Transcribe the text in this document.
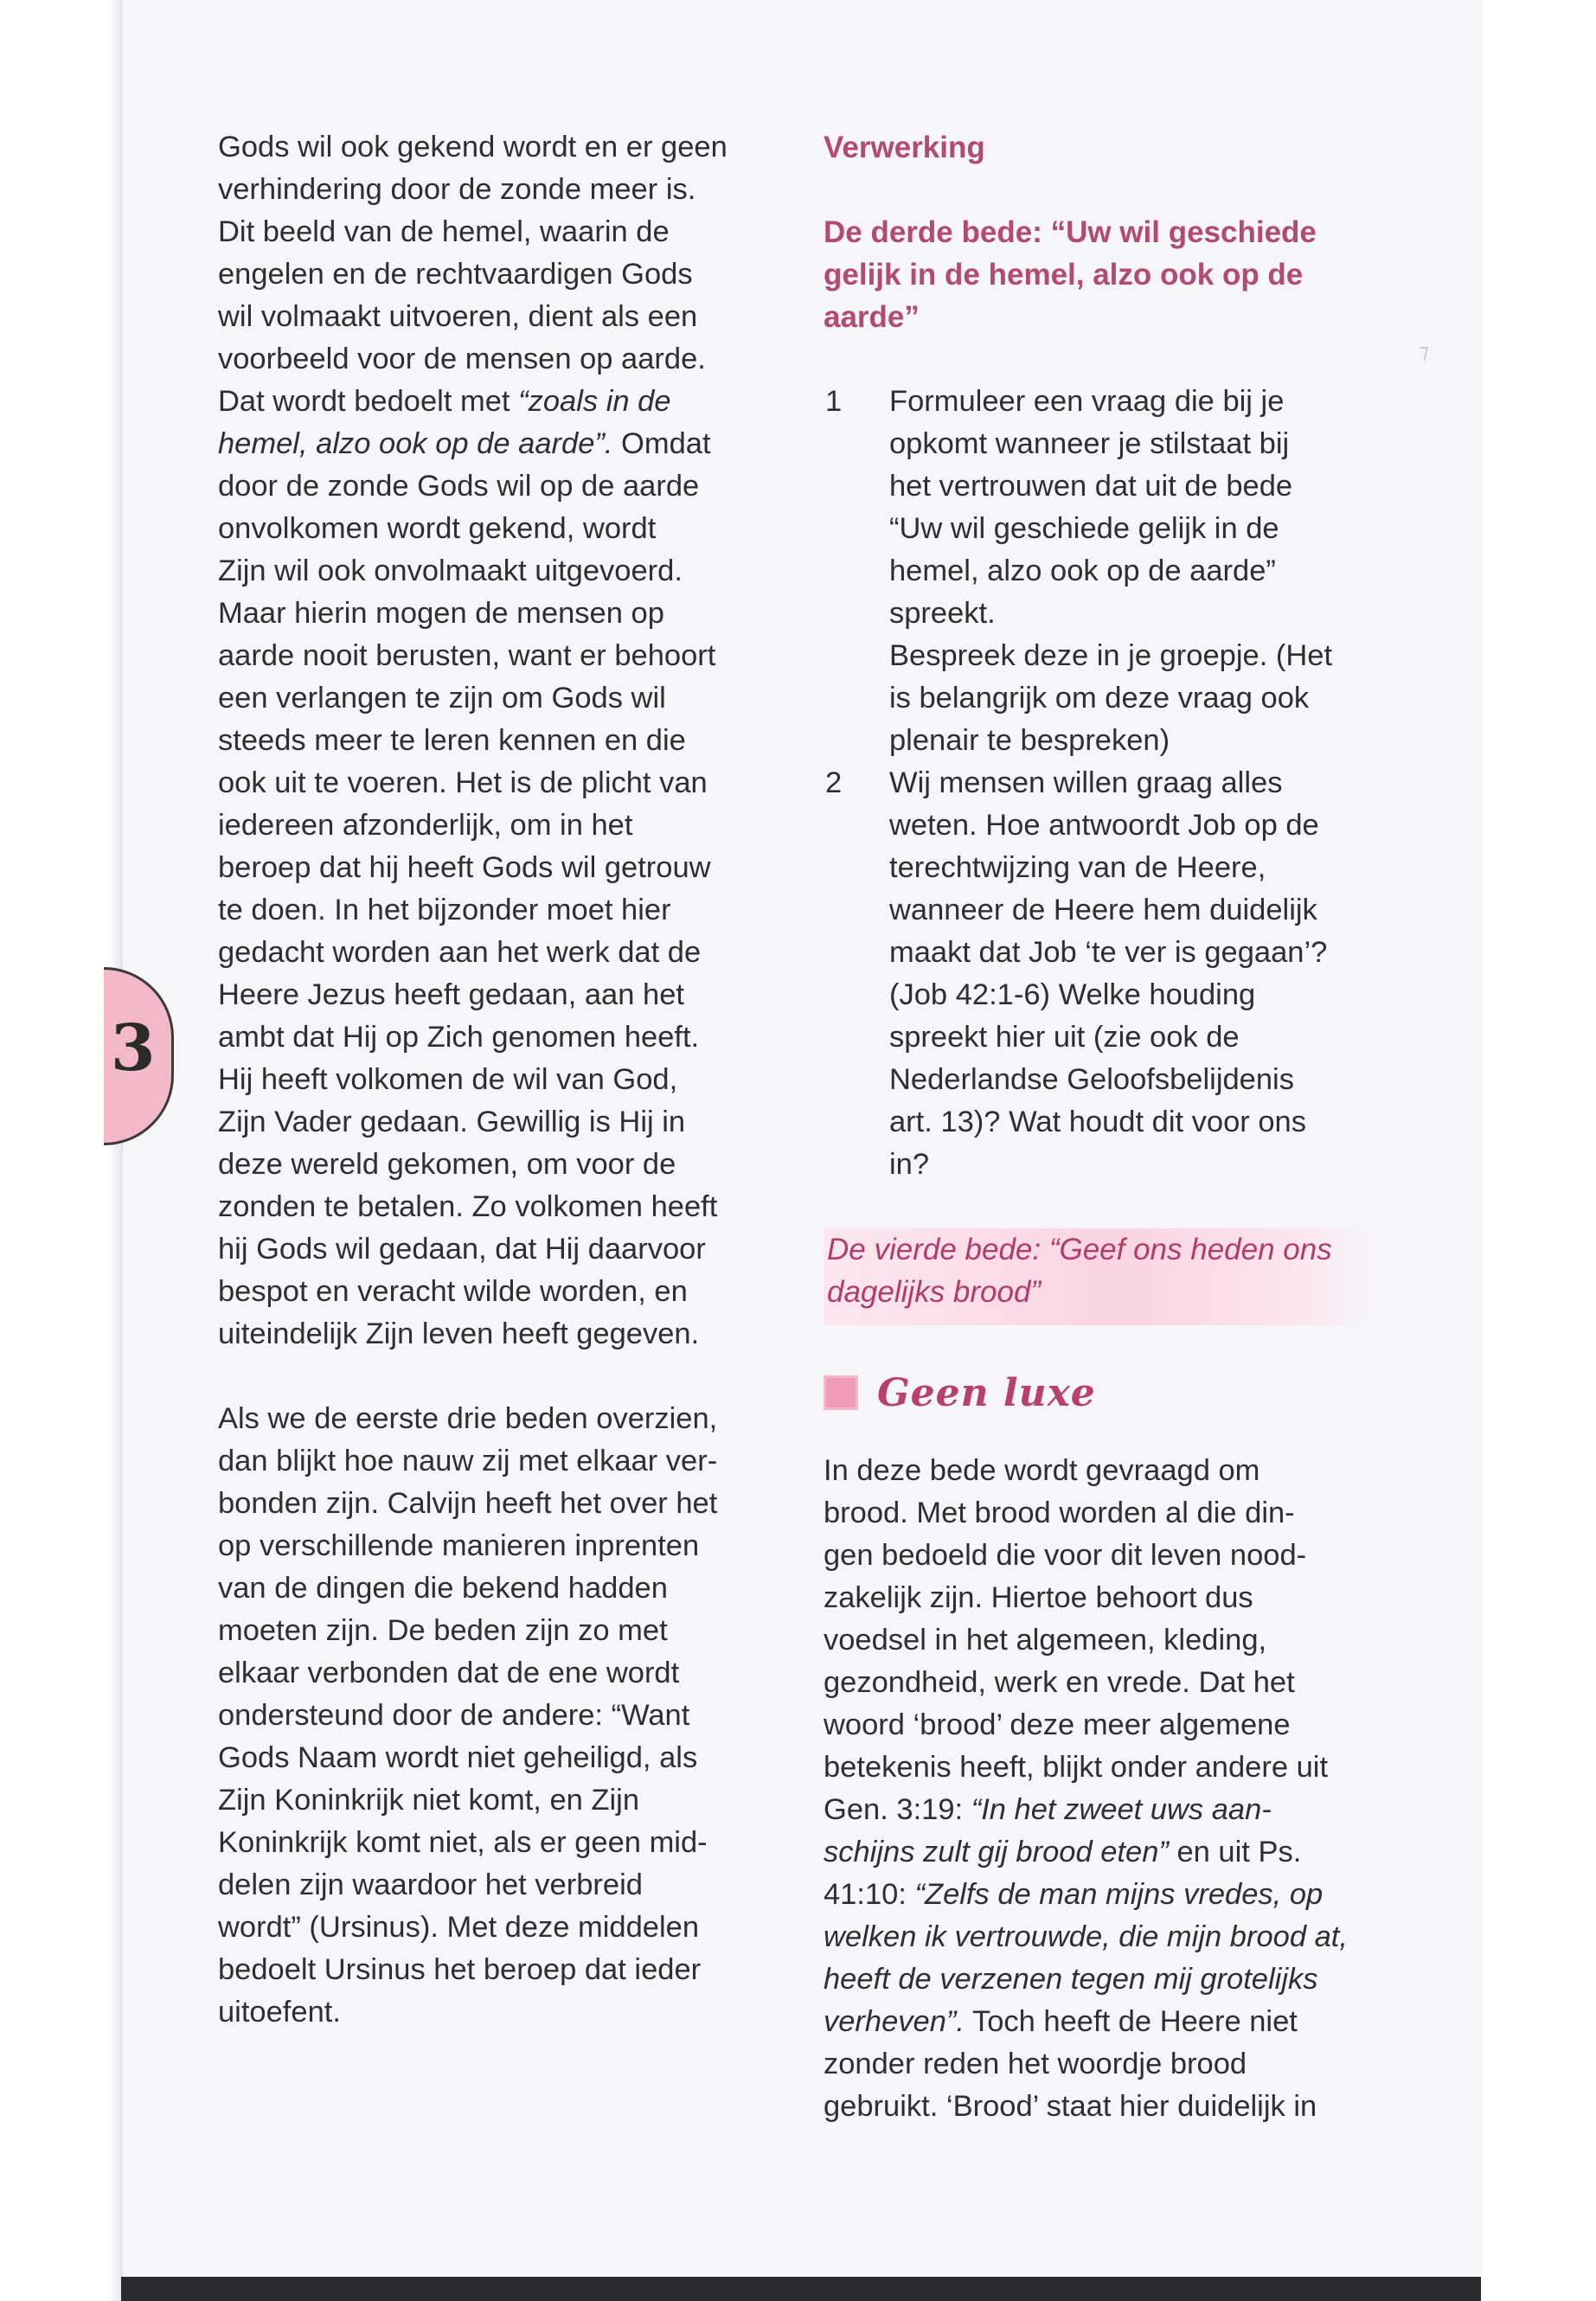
3
⁊

Gods wil ook gekend wordt en er geen

verhindering door de zonde meer is.

Dit beeld van de hemel, waarin de

engelen en de rechtvaardigen Gods

wil volmaakt uitvoeren, dient als een

voorbeeld voor de mensen op aarde.

Dat wordt bedoelt met “zoals in de

hemel, alzo ook op de aarde”. Omdat

door de zonde Gods wil op de aarde

onvolkomen wordt gekend, wordt

Zijn wil ook onvolmaakt uitgevoerd.

Maar hierin mogen de mensen op

aarde nooit berusten, want er behoort

een verlangen te zijn om Gods wil

steeds meer te leren kennen en die

ook uit te voeren. Het is de plicht van

iedereen afzonderlijk, om in het

beroep dat hij heeft Gods wil getrouw

te doen. In het bijzonder moet hier

gedacht worden aan het werk dat de

Heere Jezus heeft gedaan, aan het

ambt dat Hij op Zich genomen heeft.

Hij heeft volkomen de wil van God,

Zijn Vader gedaan. Gewillig is Hij in

deze wereld gekomen, om voor de

zonden te betalen. Zo volkomen heeft

hij Gods wil gedaan, dat Hij daarvoor

bespot en veracht wilde worden, en

uiteindelijk Zijn leven heeft gegeven.

Als we de eerste drie beden overzien,

dan blijkt hoe nauw zij met elkaar ver-

bonden zijn. Calvijn heeft het over het

op verschillende manieren inprenten

van de dingen die bekend hadden

moeten zijn. De beden zijn zo met

elkaar verbonden dat de ene wordt

ondersteund door de andere: “Want

Gods Naam wordt niet geheiligd, als

Zijn Koninkrijk niet komt, en Zijn

Koninkrijk komt niet, als er geen mid-

delen zijn waardoor het verbreid

wordt” (Ursinus). Met deze middelen

bedoelt Ursinus het beroep dat ieder

uitoefent.

Verwerking
De derde bede: “Uw wil geschiede
gelijk in de hemel, alzo ook op de
aarde”
1	Formuleer een vraag die bij je

opkomt wanneer je stilstaat bij

het vertrouwen dat uit de bede

“Uw wil geschiede gelijk in de

hemel, alzo ook op de aarde”

spreekt.

Bespreek deze in je groepje. (Het

is belangrijk om deze vraag ook

plenair te bespreken)

2	Wij mensen willen graag alles

weten. Hoe antwoordt Job op de

terechtwijzing van de Heere,

wanneer de Heere hem duidelijk

maakt dat Job ‘te ver is gegaan’?

(Job 42:1-6) Welke houding

spreekt hier uit (zie ook de

Nederlandse Geloofsbelijdenis

art. 13)? Wat houdt dit voor ons

in?

De vierde bede: “Geef ons heden ons
dagelijks brood”
Geen luxe

In deze bede wordt gevraagd om

brood. Met brood worden al die din-

gen bedoeld die voor dit leven nood-

zakelijk zijn. Hiertoe behoort dus

voedsel in het algemeen, kleding,

gezondheid, werk en vrede. Dat het

woord ‘brood’ deze meer algemene

betekenis heeft, blijkt onder andere uit

Gen. 3:19: “In het zweet uws aan-

schijns zult gij brood eten” en uit Ps.

41:10: “Zelfs de man mijns vredes, op

welken ik vertrouwde, die mijn brood at,

heeft de verzenen tegen mij grotelijks

verheven”. Toch heeft de Heere niet

zonder reden het woordje brood

gebruikt. ‘Brood’ staat hier duidelijk in
